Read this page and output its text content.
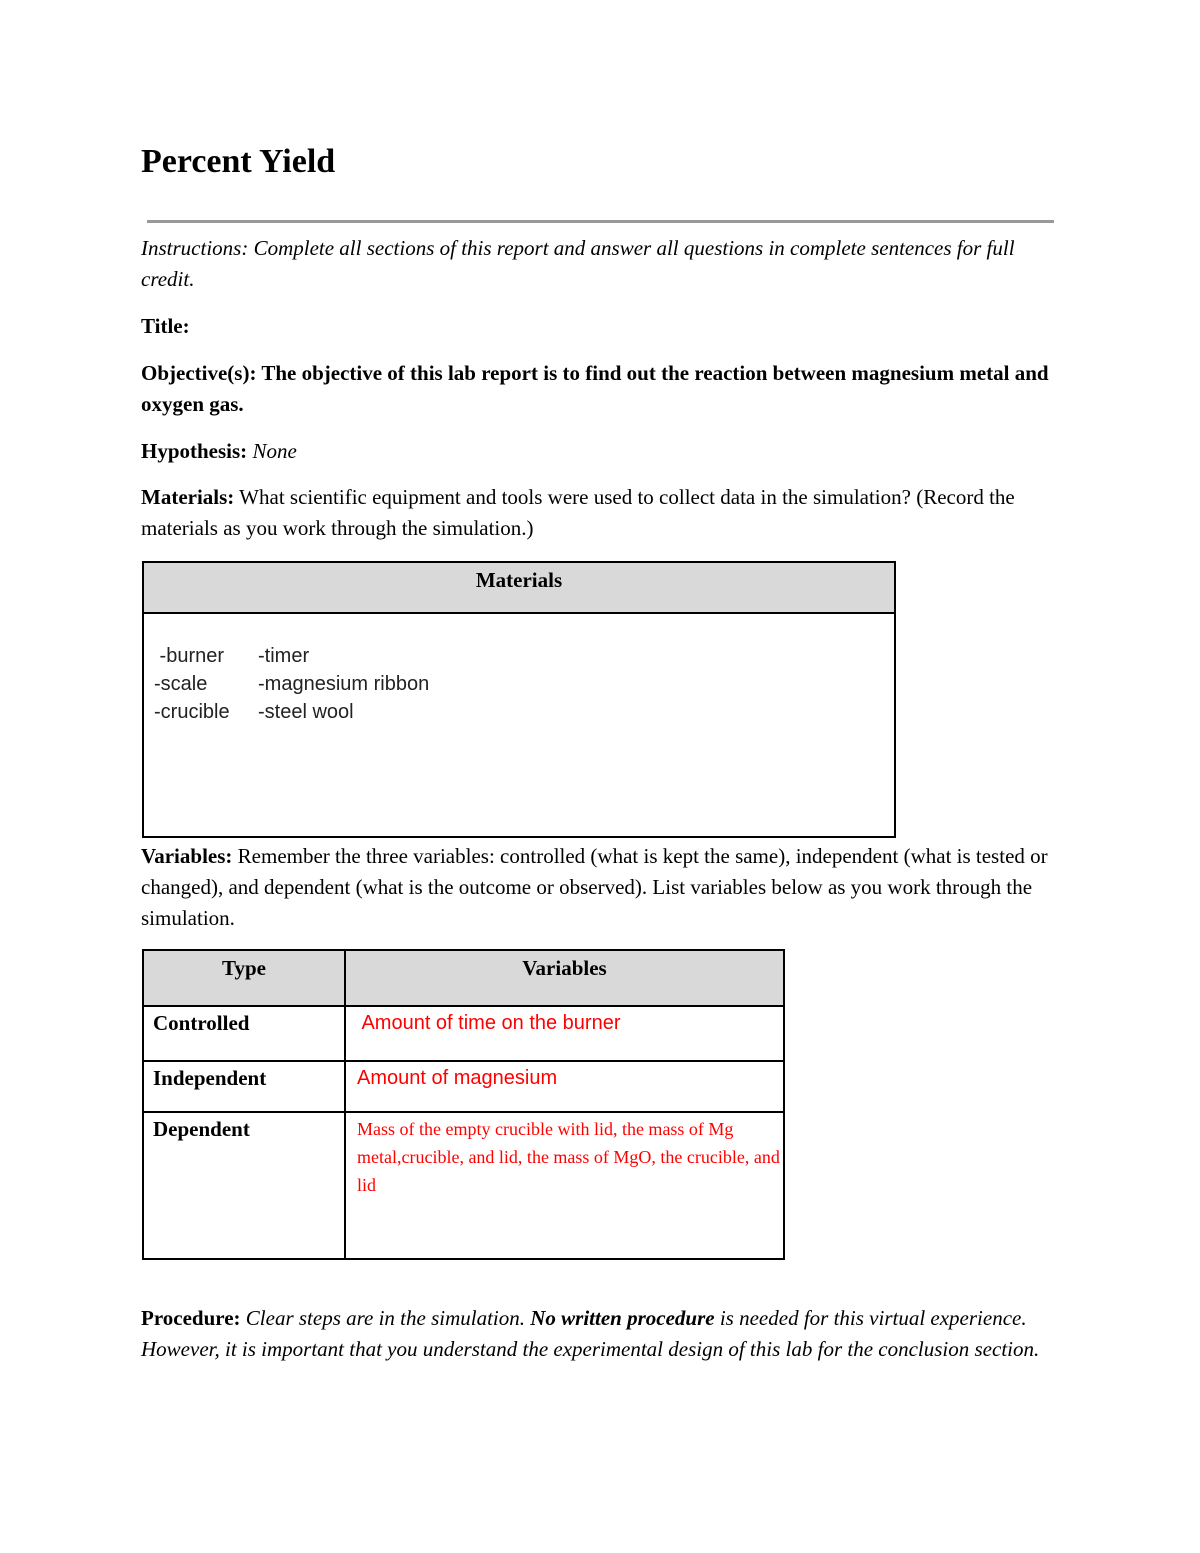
Percent Yield

Instructions: Complete all sections of this report and answer all questions in complete sentences for full credit.

Title:

Objective(s): The objective of this lab report is to find out the reaction between magnesium metal and oxygen gas.

Hypothesis: None

Materials: What scientific equipment and tools were used to collect data in the simulation? (Record the materials as you work through the simulation.)

Materials
-burner	-timer
-scale	-magnesium ribbon
-crucible	-steel wool

Variables: Remember the three variables: controlled (what is kept the same), independent (what is tested or changed), and dependent (what is the outcome or observed). List variables below as you work through the simulation.

Type	Variables
Controlled	Amount of time on the burner
Independent	Amount of magnesium
Dependent	Mass of the empty crucible with lid, the mass of Mg metal,crucible, and lid, the mass of MgO, the crucible, and lid

Procedure: Clear steps are in the simulation. No written procedure is needed for this virtual experience. However, it is important that you understand the experimental design of this lab for the conclusion section.
